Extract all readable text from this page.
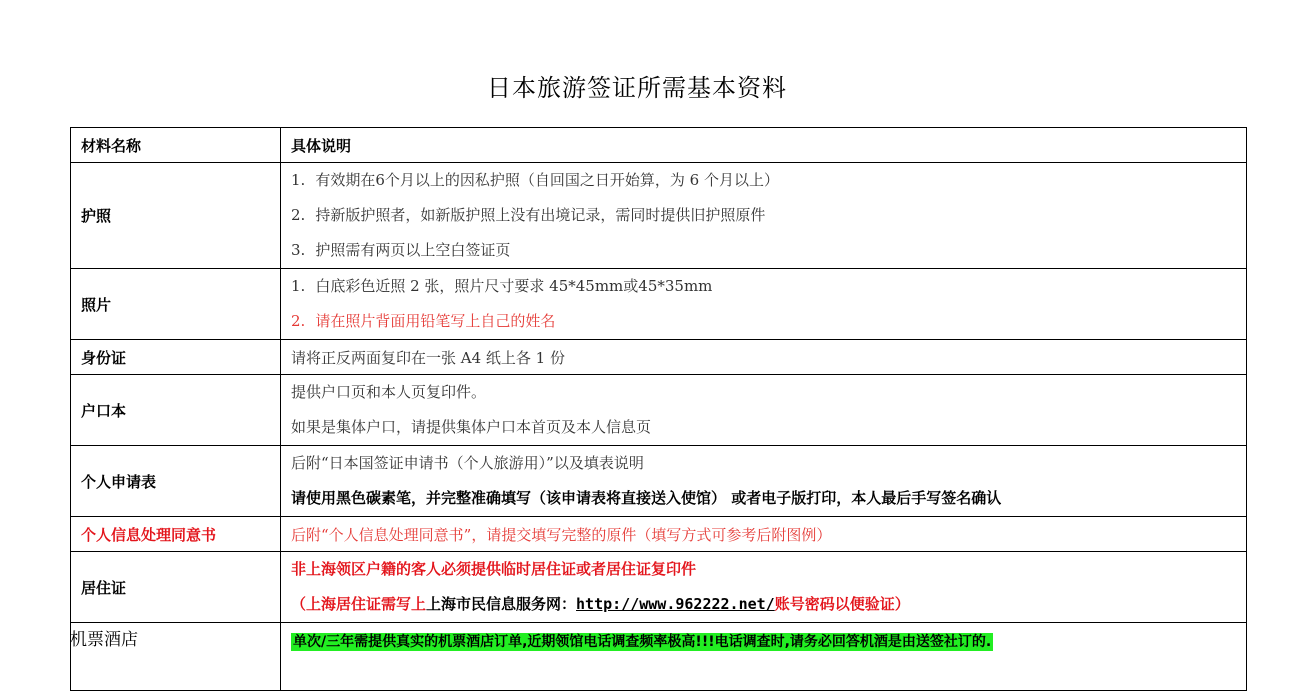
日本旅游签证所需基本资料
材料名称	具体说明
护照	1. 有效期在6个月以上的因私护照（自回国之日开始算，为 6 个月以上）
2. 持新版护照者，如新版护照上没有出境记录，需同时提供旧护照原件
3. 护照需有两页以上空白签证页

照片	1. 白底彩色近照 2 张，照片尺寸要求 45*45mm或45*35mm
2. 请在照片背面用铅笔写上自己的姓名

身份证	请将正反两面复印在一张 A4 纸上各 1 份
户口本	提供户口页和本人页复印件。
如果是集体户口，请提供集体户口本首页及本人信息页

个人申请表	后附“日本国签证申请书（个人旅游用）”以及填表说明
请使用黑色碳素笔，并完整准确填写（该申请表将直接送入使馆） 或者电子版打印，本人最后手写签名确认

个人信息处理同意书	后附“个人信息处理同意书”，请提交填写完整的原件（填写方式可参考后附图例）
居住证	非上海领区户籍的客人必须提供临时居住证或者居住证复印件
（上海居住证需写上上海市民信息服务网：http://www.962222.net/账号密码以便验证）

机票酒店	单次/三年需提供真实的机票酒店订单,近期领馆电话调查频率极高!!!电话调查时,请务必回答机酒是由送签社订的.
